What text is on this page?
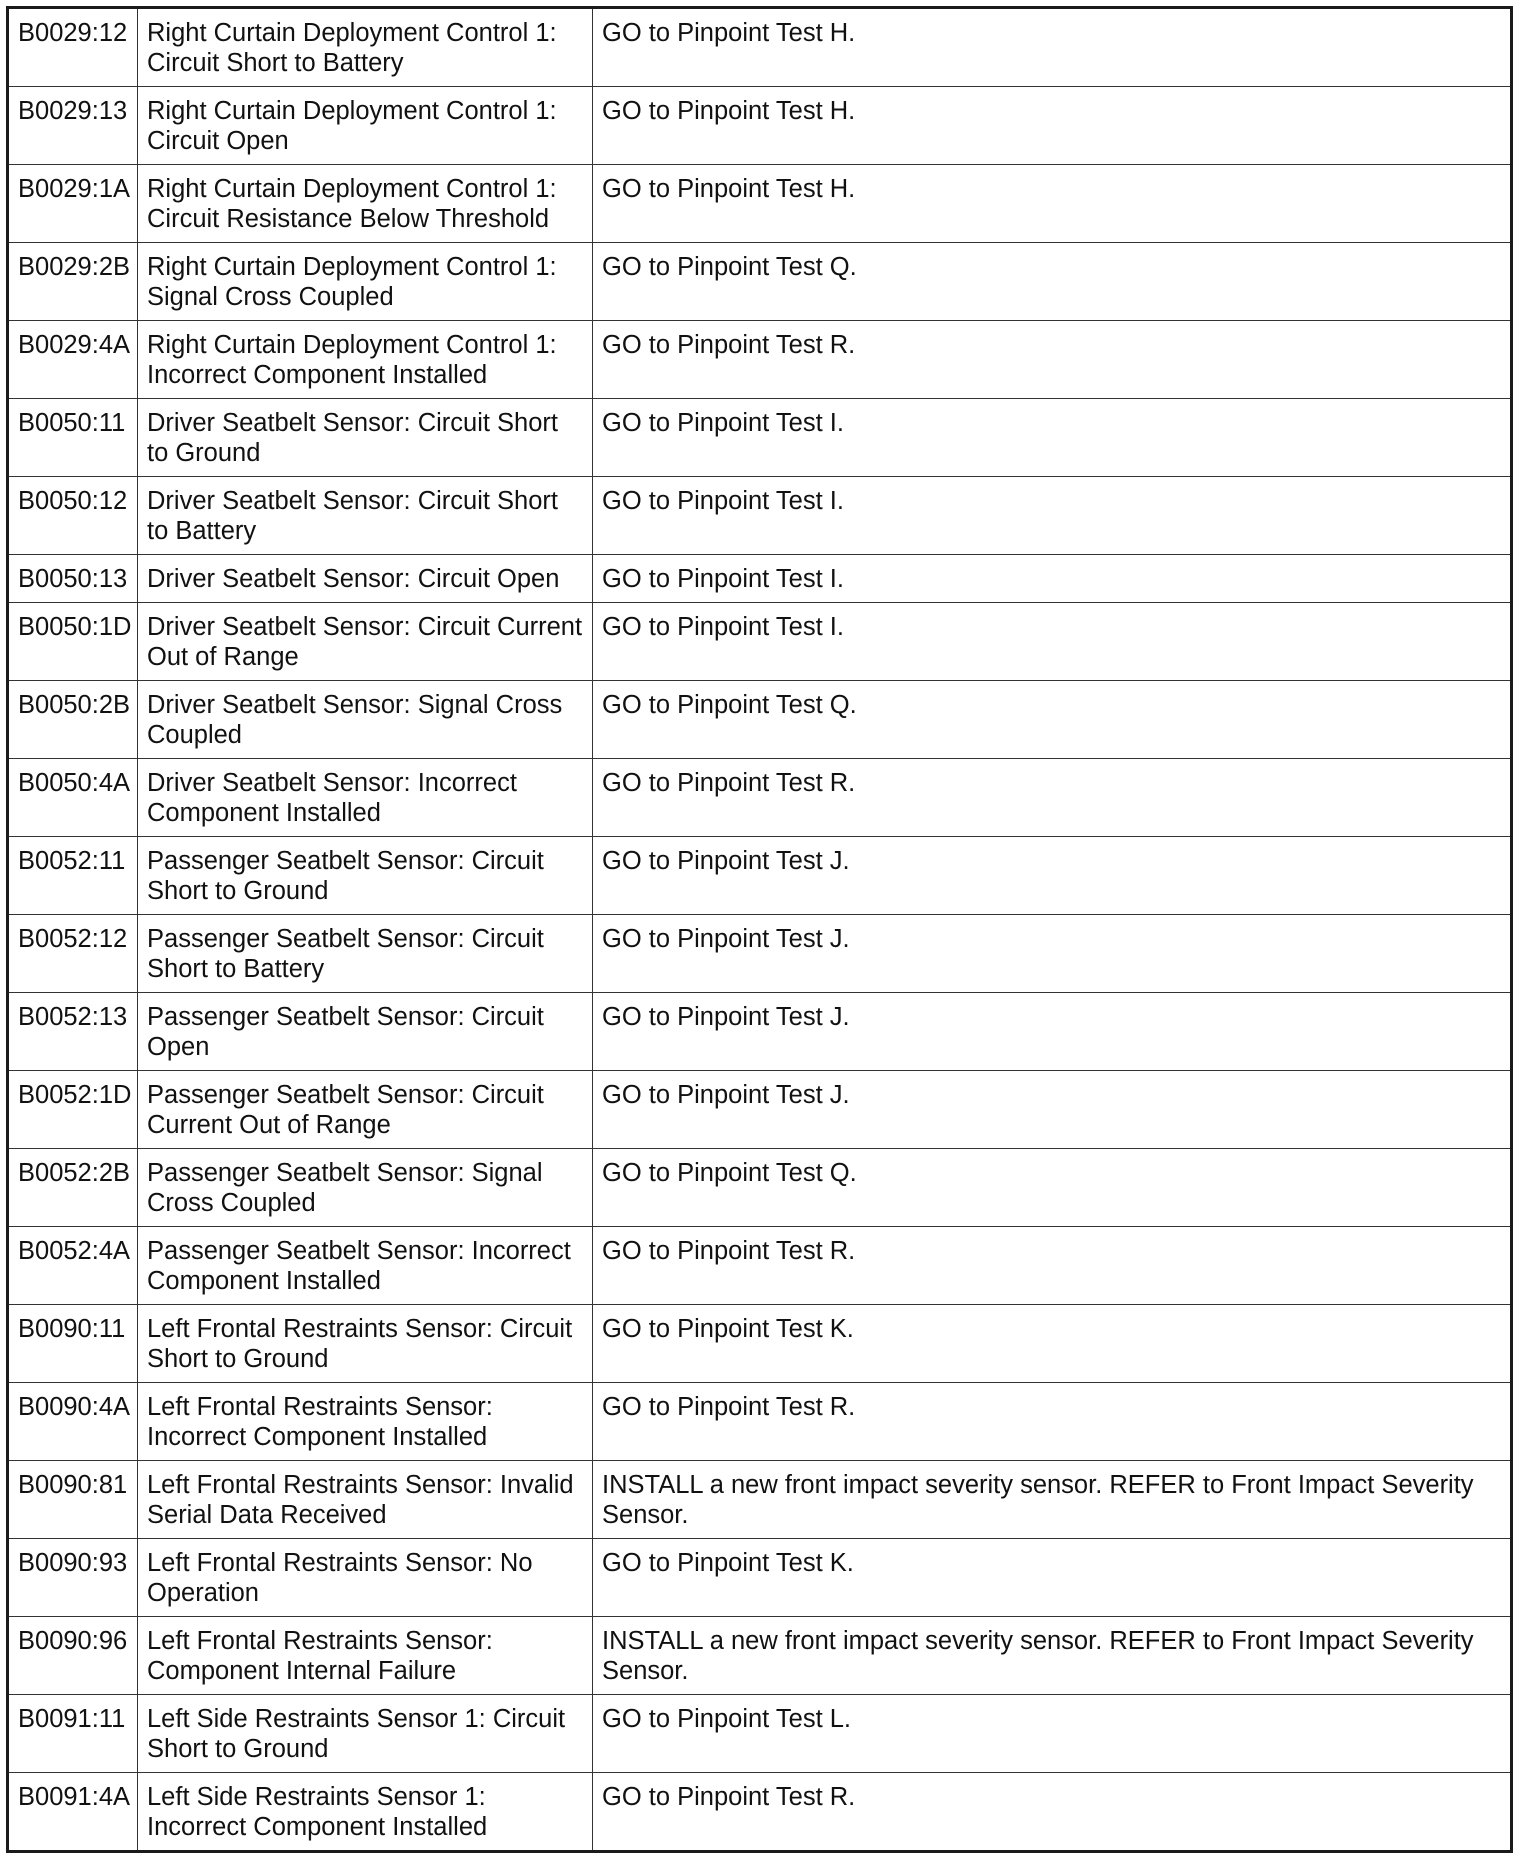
B0029:12	Right Curtain Deployment Control 1: Circuit Short to Battery	GO to Pinpoint Test H.
B0029:13	Right Curtain Deployment Control 1: Circuit Open	GO to Pinpoint Test H.
B0029:1A	Right Curtain Deployment Control 1: Circuit Resistance Below Threshold	GO to Pinpoint Test H.
B0029:2B	Right Curtain Deployment Control 1: Signal Cross Coupled	GO to Pinpoint Test Q.
B0029:4A	Right Curtain Deployment Control 1: Incorrect Component Installed	GO to Pinpoint Test R.
B0050:11	Driver Seatbelt Sensor: Circuit Short to Ground	GO to Pinpoint Test I.
B0050:12	Driver Seatbelt Sensor: Circuit Short to Battery	GO to Pinpoint Test I.
B0050:13	Driver Seatbelt Sensor: Circuit Open	GO to Pinpoint Test I.
B0050:1D	Driver Seatbelt Sensor: Circuit Current Out of Range	GO to Pinpoint Test I.
B0050:2B	Driver Seatbelt Sensor: Signal Cross Coupled	GO to Pinpoint Test Q.
B0050:4A	Driver Seatbelt Sensor: Incorrect Component Installed	GO to Pinpoint Test R.
B0052:11	Passenger Seatbelt Sensor: Circuit Short to Ground	GO to Pinpoint Test J.
B0052:12	Passenger Seatbelt Sensor: Circuit Short to Battery	GO to Pinpoint Test J.
B0052:13	Passenger Seatbelt Sensor: Circuit Open	GO to Pinpoint Test J.
B0052:1D	Passenger Seatbelt Sensor: Circuit Current Out of Range	GO to Pinpoint Test J.
B0052:2B	Passenger Seatbelt Sensor: Signal Cross Coupled	GO to Pinpoint Test Q.
B0052:4A	Passenger Seatbelt Sensor: Incorrect Component Installed	GO to Pinpoint Test R.
B0090:11	Left Frontal Restraints Sensor: Circuit Short to Ground	GO to Pinpoint Test K.
B0090:4A	Left Frontal Restraints Sensor: Incorrect Component Installed	GO to Pinpoint Test R.
B0090:81	Left Frontal Restraints Sensor: Invalid Serial Data Received	INSTALL a new front impact severity sensor. REFER to Front Impact Severity Sensor.
B0090:93	Left Frontal Restraints Sensor: No Operation	GO to Pinpoint Test K.
B0090:96	Left Frontal Restraints Sensor: Component Internal Failure	INSTALL a new front impact severity sensor. REFER to Front Impact Severity Sensor.
B0091:11	Left Side Restraints Sensor 1: Circuit Short to Ground	GO to Pinpoint Test L.
B0091:4A	Left Side Restraints Sensor 1: Incorrect Component Installed	GO to Pinpoint Test R.
